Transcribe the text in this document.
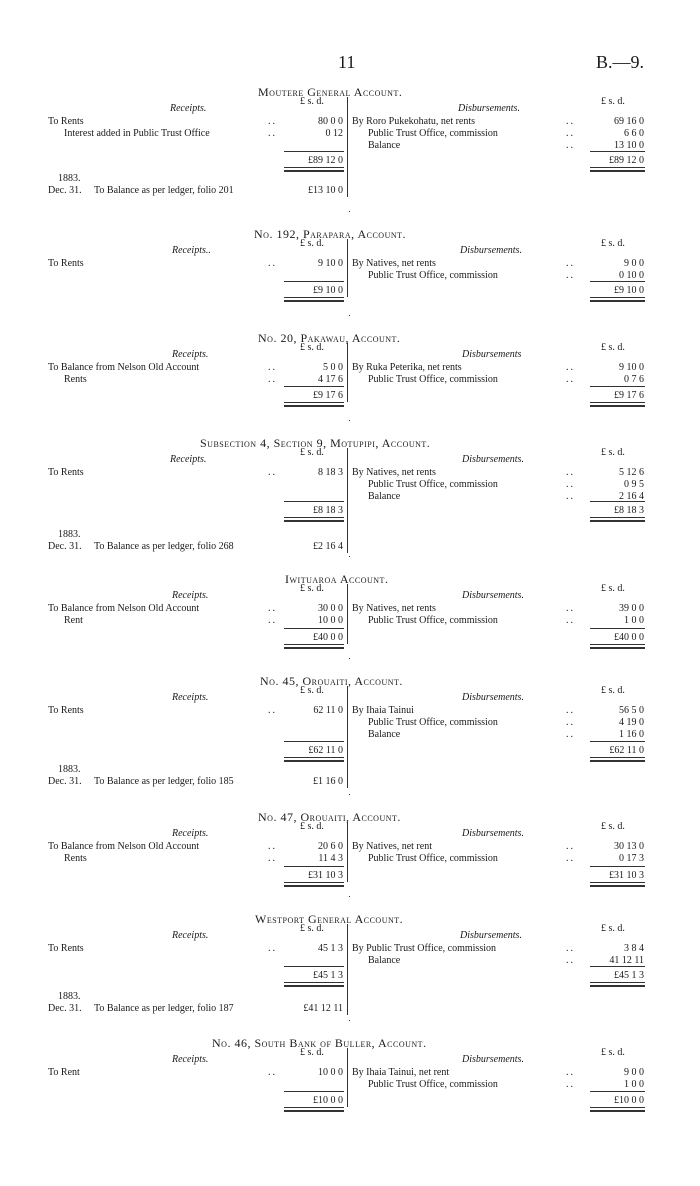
11	B.—9.
Moutere General Account.
Receipts.	Disbursements.
£ s. d.	£ s. d.
To Rents	..	80 0 0
Interest added in Public Trust Office	..	0 12
By Roro Pukekohatu, net rents	..	69 16 0
Public Trust Office, commission	..	6 6 0
Balance	..	13 10 0
£89 12 0	£89 12 0
1883.
Dec. 31. To Balance as per ledger, folio 201	£13 10 0
No. 192, Parapara, Account.
Receipts..	Disbursements.
£ s. d.	£ s. d.
To Rents	..	9 10 0 By Natives, net rents	..	9 0 0
Public Trust Office, commission	..	0 10 0
£9 10 0	£9 10 0
No. 20, Pakawau, Account.
Receipts.	Disbursements
£ s. d.	£ s. d.
To Balance from Nelson Old Account	..	5 0 0
Rents	..	4 17 6
By Ruka Peterika, net rents	..	9 10 0
Public Trust Office, commission	..	0 7 6
£9 17 6	£9 17 6
Subsection 4, Section 9, Motupipi, Account.
Receipts.	Disbursements.
£ s. d.	£ s. d.
To Rents	..	8 18 3 By Natives, net rents	..	5 12 6
Public Trust Office, commission	..	0 9 5
Balance	..	2 16 4
£8 18 3	£8 18 3
1883.
Dec. 31. To Balance as per ledger, folio 268	£2 16 4
Iwituaroa Account.
Receipts.	Disbursements.
£ s. d.	£ s. d.
To Balance from Nelson Old Account	..	30 0 0
Rent	..	10 0 0
By Natives, net rents	..	39 0 0
Public Trust Office, commission	..	1 0 0
£40 0 0	£40 0 0
No. 45, Orouaiti, Account.
Receipts.	Disbursements.
£ s. d.	£ s. d.
To Rents	..	62 11 0 By Ihaia Tainui	..	56 5 0
Public Trust Office, commission	..	4 19 0
Balance	..	1 16 0
£62 11 0	£62 11 0
1883.
Dec. 31. To Balance as per ledger, folio 185	£1 16 0
No. 47, Orouaiti, Account.
Receipts.	Disbursements.
£ s. d.	£ s. d.
To Balance from Nelson Old Account	..	20 6 0
Rents	..	11 4 3
By Natives, net rent	..	30 13 0
Public Trust Office, commission	..	0 17 3
£31 10 3	£31 10 3
Westport General Account.
Receipts.	Disbursements.
£ s. d.	£ s. d.
To Rents	..	45 1 3 By Public Trust Office, commission	..	3 8 4
Balance	..	41 12 11
£45 1 3	£45 1 3
1883.
Dec. 31. To Balance as per ledger, folio 187	£41 12 11
No. 46, South Bank of Buller, Account.
Receipts.	Disbursements.
£ s. d.	£ s. d.
To Rent	..	10 0 0 By Ihaia Tainui, net rent	..	9 0 0
Public Trust Office, commission	..	1 0 0
£10 0 0	£10 0 0
